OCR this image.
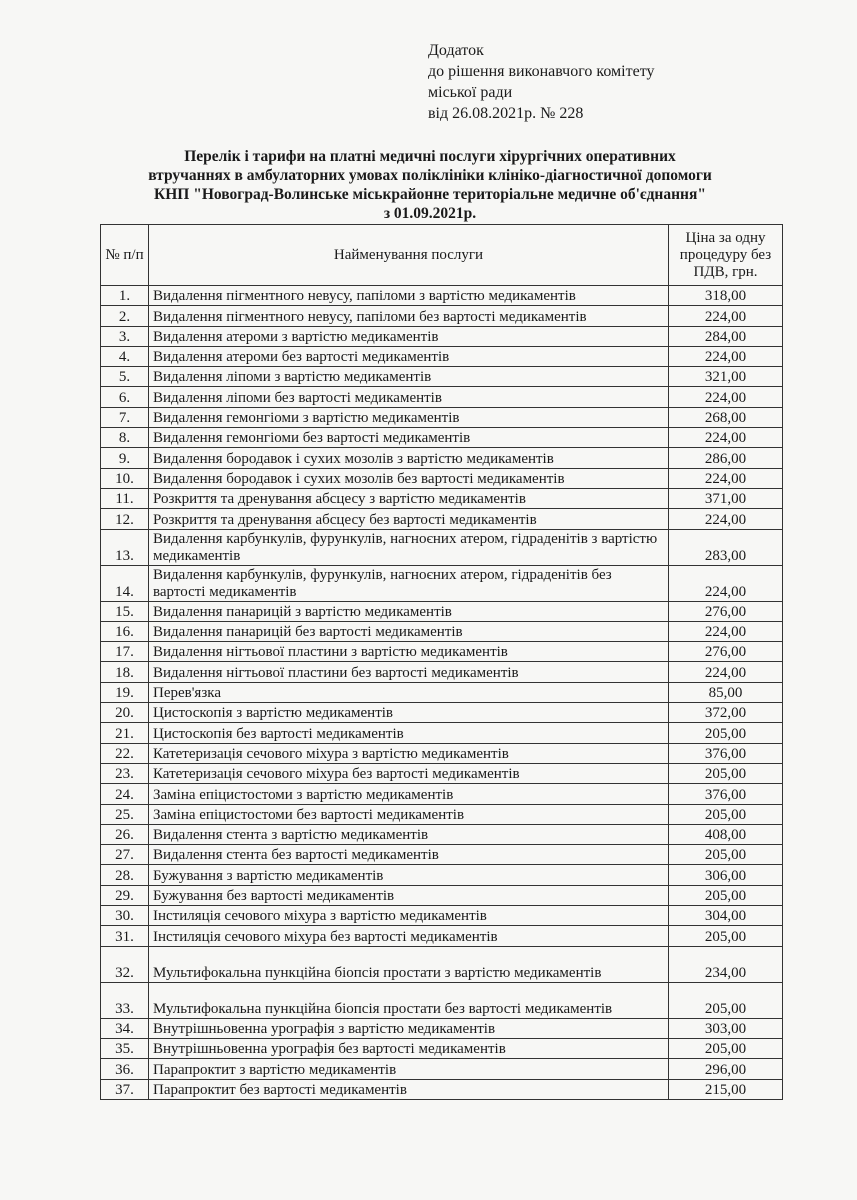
Додаток
до рішення виконавчого комітету
міської ради
від 26.08.2021р. № 228
Перелік і тарифи на платні медичні послуги хірургічних оперативних
втручаннях в амбулаторних умовах поліклініки клініко-діагностичної допомоги
КНП "Новоград-Волинське міськрайонне територіальне медичне об'єднання"
з 01.09.2021р.
№ п/п	Найменування послуги	Ціна за одну процедуру без ПДВ, грн.
1.	Видалення пігментного невусу, папіломи з вартістю медикаментів	318,00
2.	Видалення пігментного невусу, папіломи без вартості медикаментів	224,00
3.	Видалення атероми з вартістю медикаментів	284,00
4.	Видалення атероми без вартості медикаментів	224,00
5.	Видалення ліпоми з вартістю медикаментів	321,00
6.	Видалення ліпоми без вартості медикаментів	224,00
7.	Видалення гемонгіоми з вартістю медикаментів	268,00
8.	Видалення гемонгіоми без вартості медикаментів	224,00
9.	Видалення бородавок і сухих мозолів з вартістю медикаментів	286,00
10.	Видалення бородавок і сухих мозолів без вартості медикаментів	224,00
11.	Розкриття та дренування абсцесу з вартістю медикаментів	371,00
12.	Розкриття та дренування абсцесу без вартості медикаментів	224,00
13.	Видалення карбункулів, фурункулів, нагноєних атером, гідраденітів з вартістю медикаментів	283,00
14.	Видалення карбункулів, фурункулів, нагноєних атером, гідраденітів без вартості медикаментів	224,00
15.	Видалення панарицій з вартістю медикаментів	276,00
16.	Видалення панарицій без вартості медикаментів	224,00
17.	Видалення нігтьової пластини з вартістю медикаментів	276,00
18.	Видалення нігтьової пластини без вартості медикаментів	224,00
19.	Перев'язка	85,00
20.	Цистоскопія з вартістю медикаментів	372,00
21.	Цистоскопія без вартості медикаментів	205,00
22.	Катетеризація сечового міхура з вартістю медикаментів	376,00
23.	Катетеризація сечового міхура без вартості медикаментів	205,00
24.	Заміна епіцистостоми з вартістю медикаментів	376,00
25.	Заміна епіцистостоми без вартості медикаментів	205,00
26.	Видалення стента з вартістю медикаментів	408,00
27.	Видалення стента без вартості медикаментів	205,00
28.	Бужування з вартістю медикаментів	306,00
29.	Бужування без вартості медикаментів	205,00
30.	Інстиляція сечового міхура з вартістю медикаментів	304,00
31.	Інстиляція сечового міхура без вартості медикаментів	205,00
32.	Мультифокальна пункційна біопсія простати з вартістю медикаментів	234,00
33.	Мультифокальна пункційна біопсія простати без вартості медикаментів	205,00
34.	Внутрішньовенна урографія з вартістю медикаментів	303,00
35.	Внутрішньовенна урографія без вартості медикаментів	205,00
36.	Парапроктит з вартістю медикаментів	296,00
37.	Парапроктит без вартості медикаментів	215,00
